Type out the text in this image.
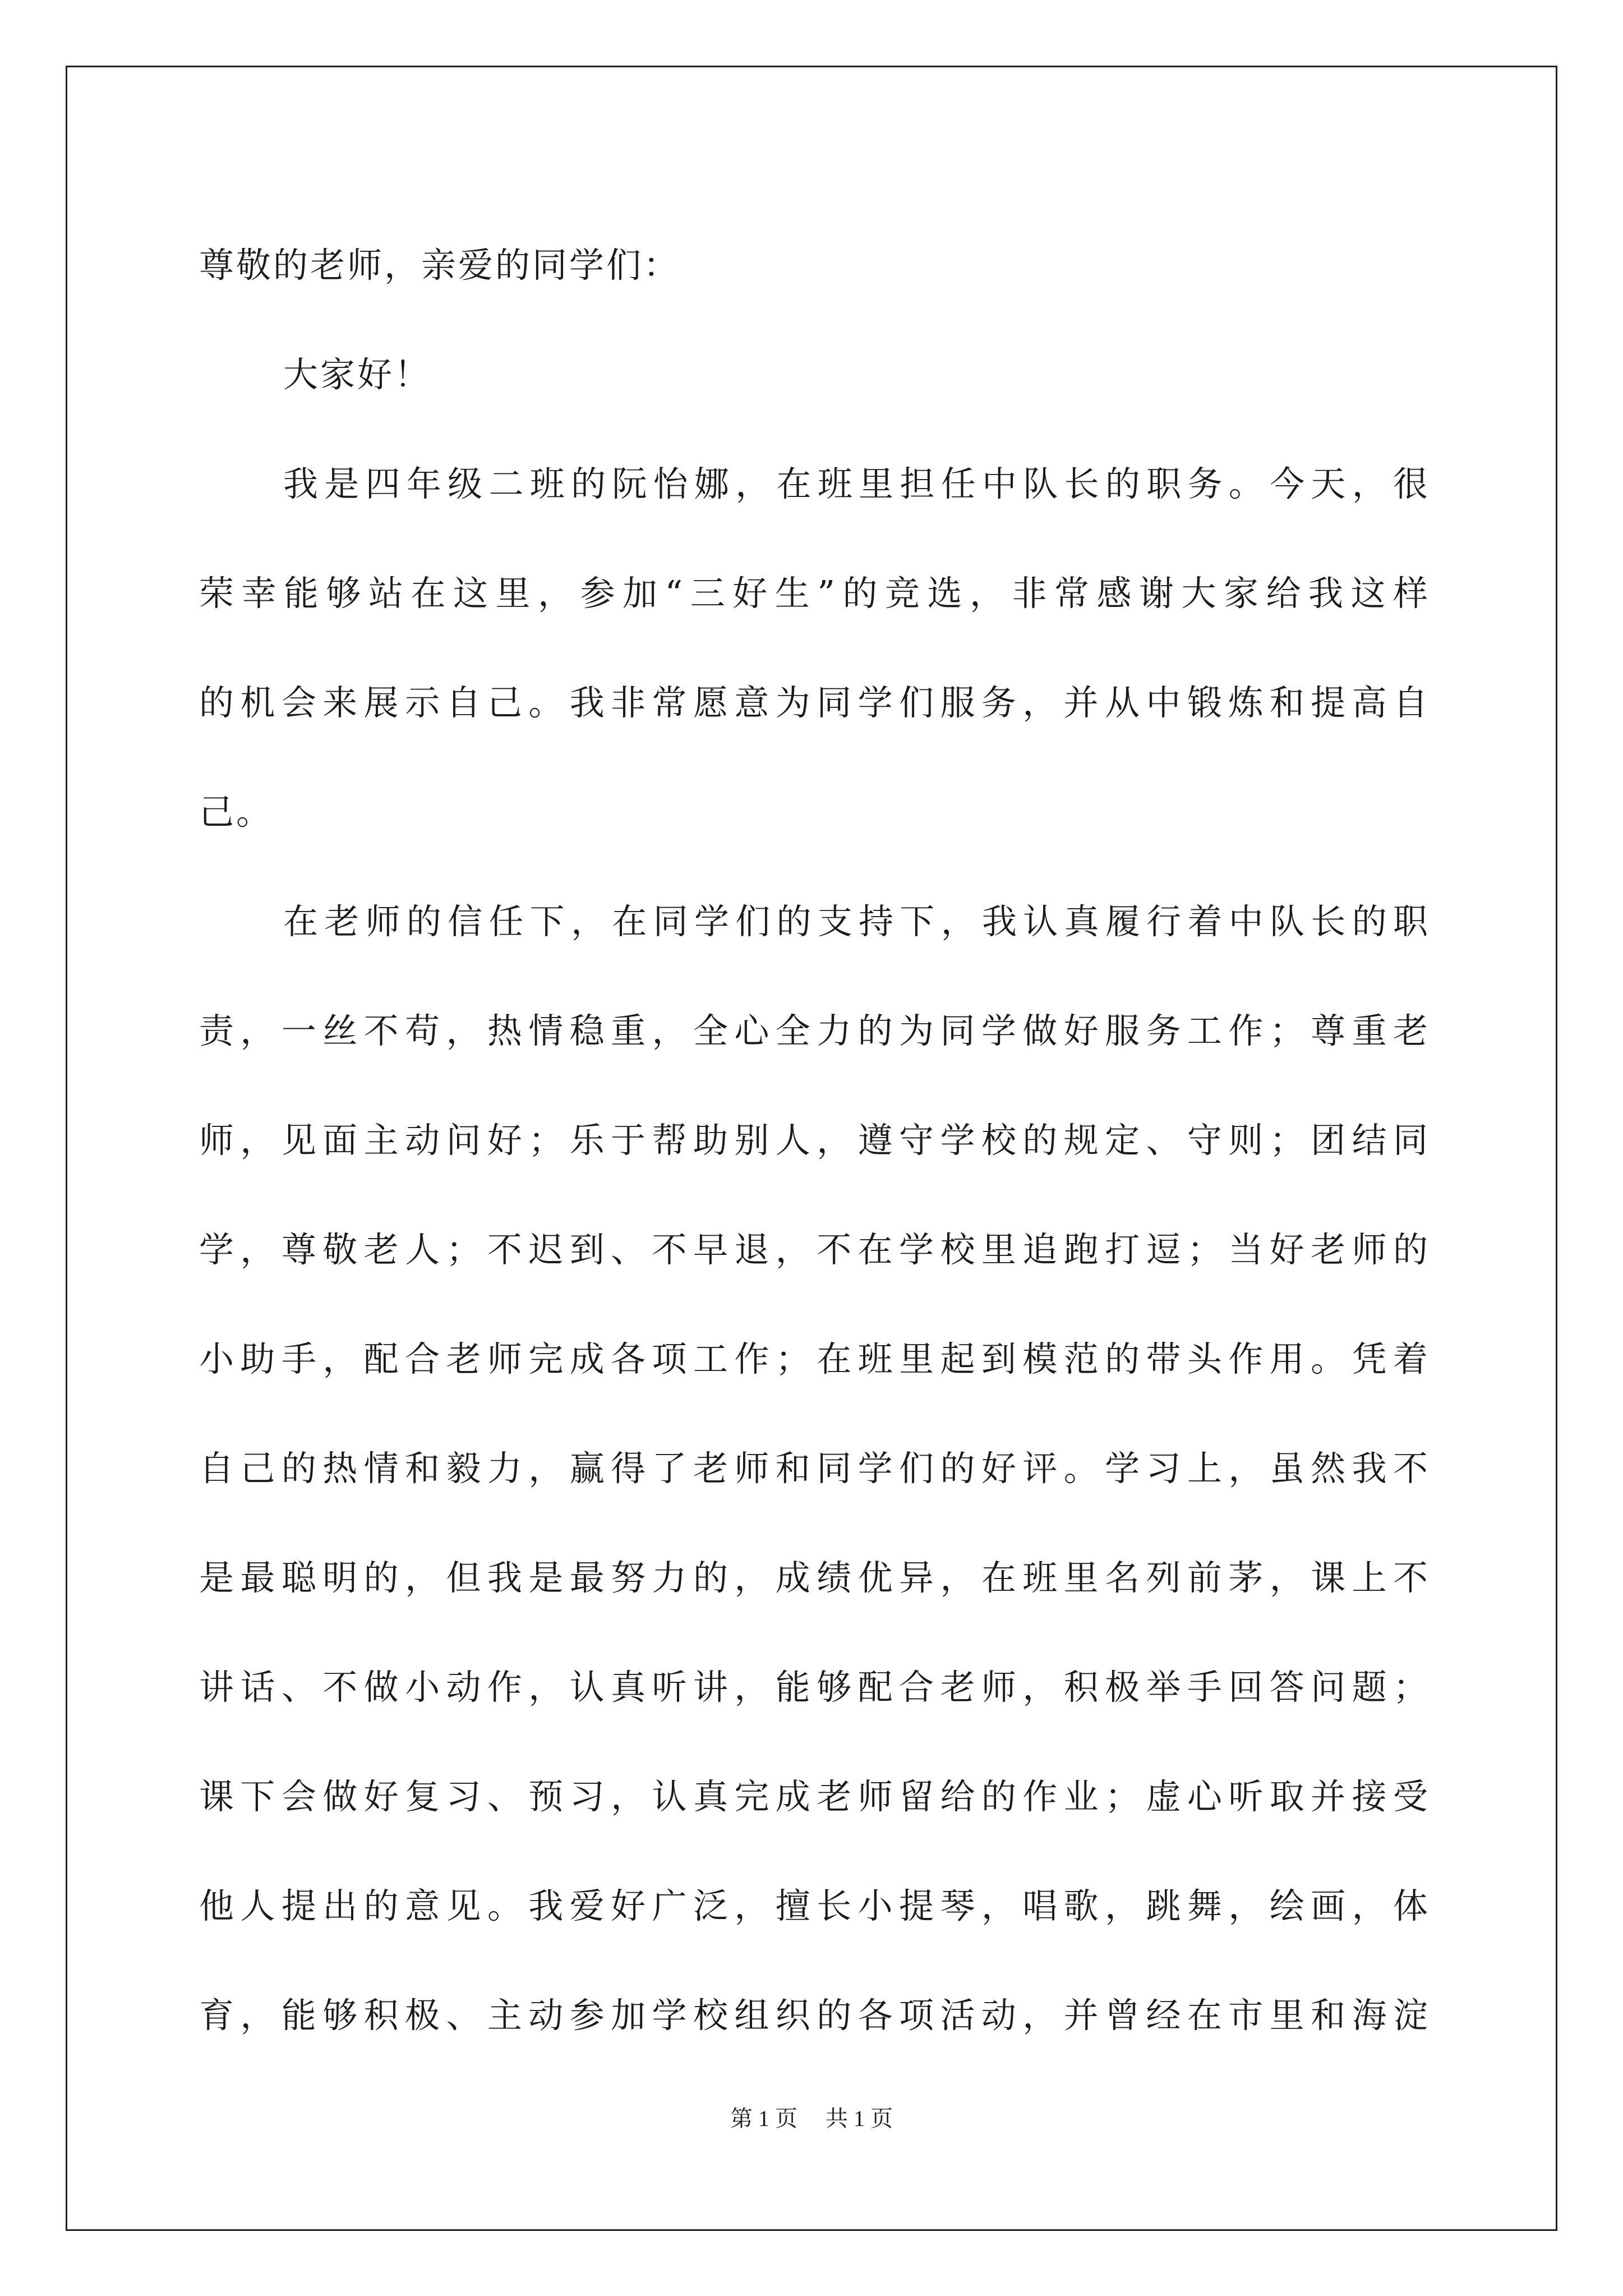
尊敬的老师，亲爱的同学们：
大家好！
我是四年级二班的阮怡娜，在班里担任中队长的职务。今天，很
荣幸能够站在这里，参加“三好生”的竞选，非常感谢大家给我这样
的机会来展示自己。我非常愿意为同学们服务，并从中锻炼和提高自
己。
在老师的信任下，在同学们的支持下，我认真履行着中队长的职
责，一丝不苟，热情稳重，全心全力的为同学做好服务工作；尊重老
师，见面主动问好；乐于帮助别人，遵守学校的规定、守则；团结同
学，尊敬老人；不迟到、不早退，不在学校里追跑打逗；当好老师的
小助手，配合老师完成各项工作；在班里起到模范的带头作用。凭着
自己的热情和毅力，赢得了老师和同学们的好评。学习上，虽然我不
是最聪明的，但我是最努力的，成绩优异，在班里名列前茅，课上不
讲话、不做小动作，认真听讲，能够配合老师，积极举手回答问题；
课下会做好复习、预习，认真完成老师留给的作业；虚心听取并接受
他人提出的意见。我爱好广泛，擅长小提琴，唱歌，跳舞，绘画，体
育，能够积极、主动参加学校组织的各项活动，并曾经在市里和海淀
第 1 页 共 1 页
